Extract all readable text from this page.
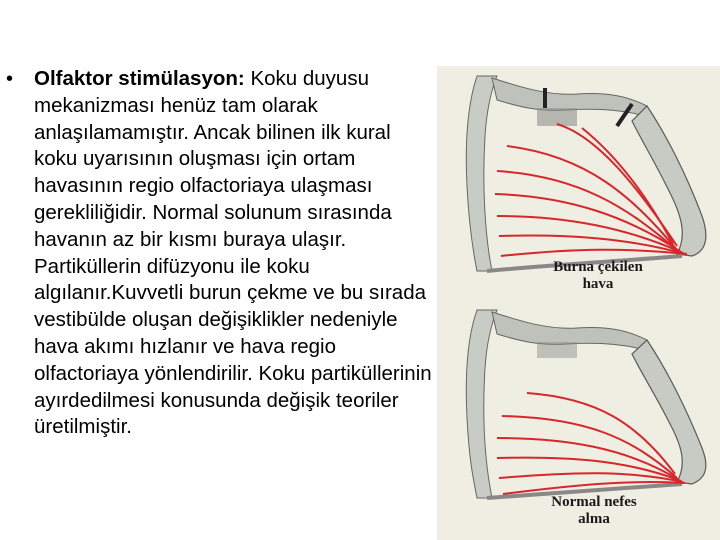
• Olfaktor stimülasyon: Koku duyusu mekanizması henüz tam olarak anlaşılamamıştır. Ancak bilinen ilk kural koku uyarısının oluşması için ortam havasının regio olfactoriaya ulaşması gerekliliğidir. Normal solunum sırasında havanın az bir kısmı buraya ulaşır. Partiküllerin difüzyonu ile koku algılanır.Kuvvetli burun çekme ve bu sırada vestibülde oluşan değişiklikler nedeniyle hava akımı hızlanır ve hava regio olfactoriaya yönlendirilir. Koku partiküllerinin ayırdedilmesi konusunda değişik teoriler üretilmiştir.
Burna çekilen
hava
Normal nefes
alma
